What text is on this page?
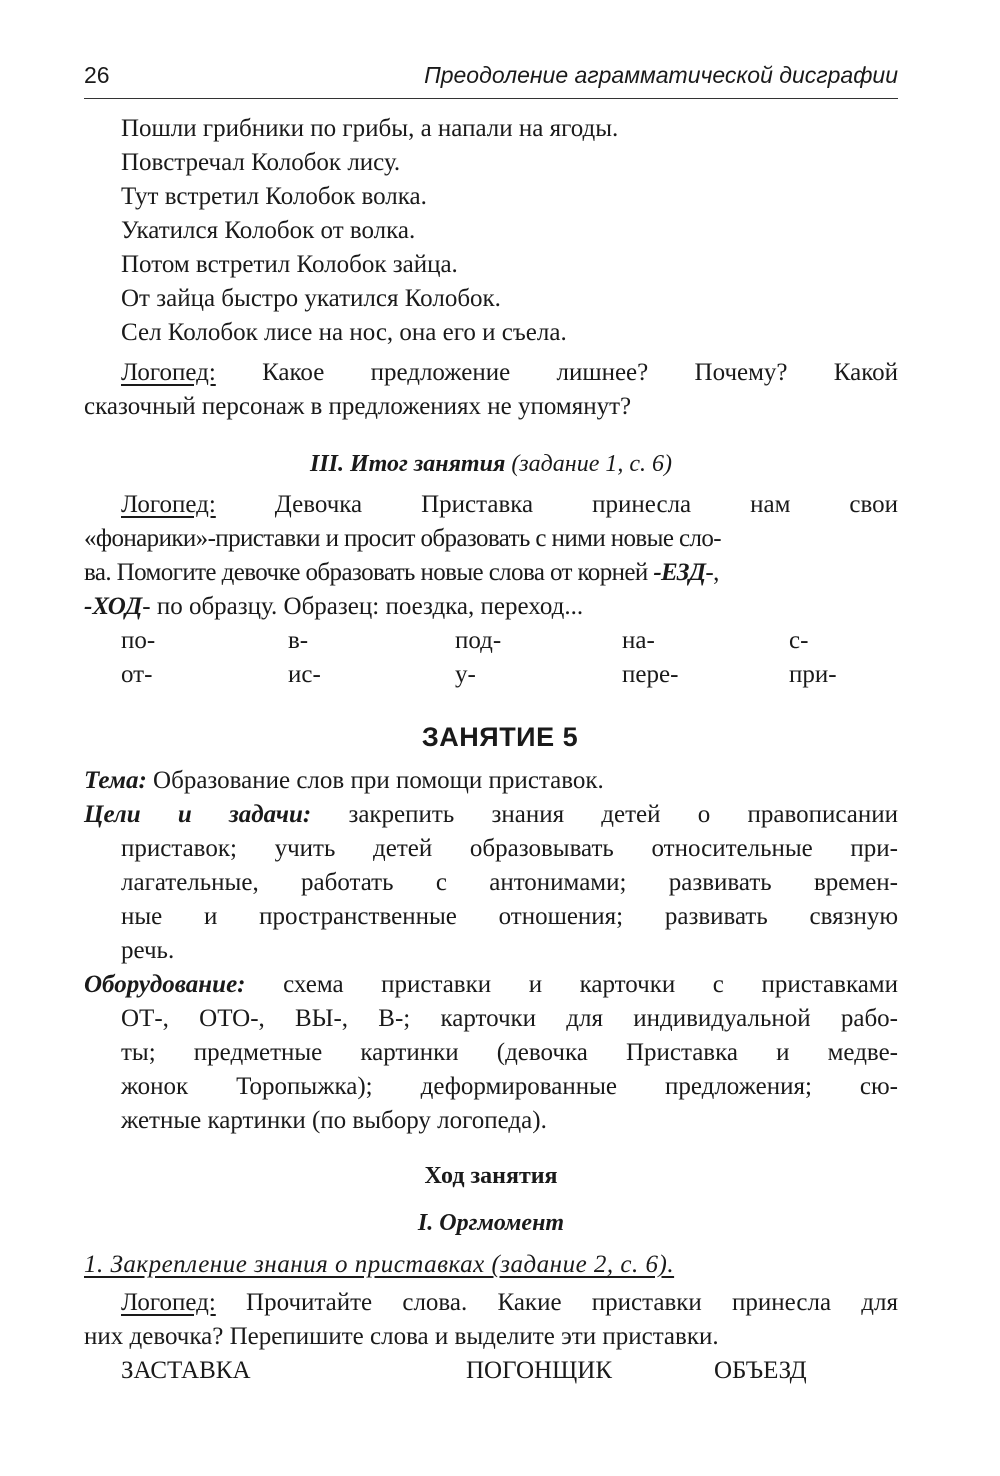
26	Преодоление аграмматической дисграфии
Пошли грибники по грибы, а напали на ягоды.
Повстречал Колобок лису.
Тут встретил Колобок волка.
Укатился Колобок от волка.
Потом встретил Колобок зайца.
От зайца быстро укатился Колобок.
Сел Колобок лисе на нос, она его и съела.
Логопед: Какое предложение лишнее? Почему? Какой
сказочный персонаж в предложениях не упомянут?
III. Итог занятия (задание 1, с. 6)
Логопед: Девочка Приставка принесла нам свои
«фонарики»-приставки и просит образовать с ними новые сло-
ва. Помогите девочке образовать новые слова от корней -ЕЗД-,
-ХОД- по образцу. Образец: поездка, переход...
по-	в-	под-	на-	с-
от-	ис-	у-	пере-	при-
ЗАНЯТИЕ 5
Тема: Образование слов при помощи приставок.
Цели и задачи: закрепить знания детей о правописании
приставок; учить детей образовывать относительные при-
лагательные, работать с антонимами; развивать времен-
ные и пространственные отношения; развивать связную
речь.
Оборудование: схема приставки и карточки с приставками
ОТ-, ОТО-, ВЫ-, В-; карточки для индивидуальной рабо-
ты; предметные картинки (девочка Приставка и медве-
жонок Торопыжка); деформированные предложения; сю-
жетные картинки (по выбору логопеда).
Ход занятия
I. Оргмомент
1. Закрепление знания о приставках (задание 2, с. 6).
Логопед: Прочитайте слова. Какие приставки принесла для
них девочка? Перепишите слова и выделите эти приставки.
ЗАСТАВКА	ПОГОНЩИК	ОБЪЕЗД
